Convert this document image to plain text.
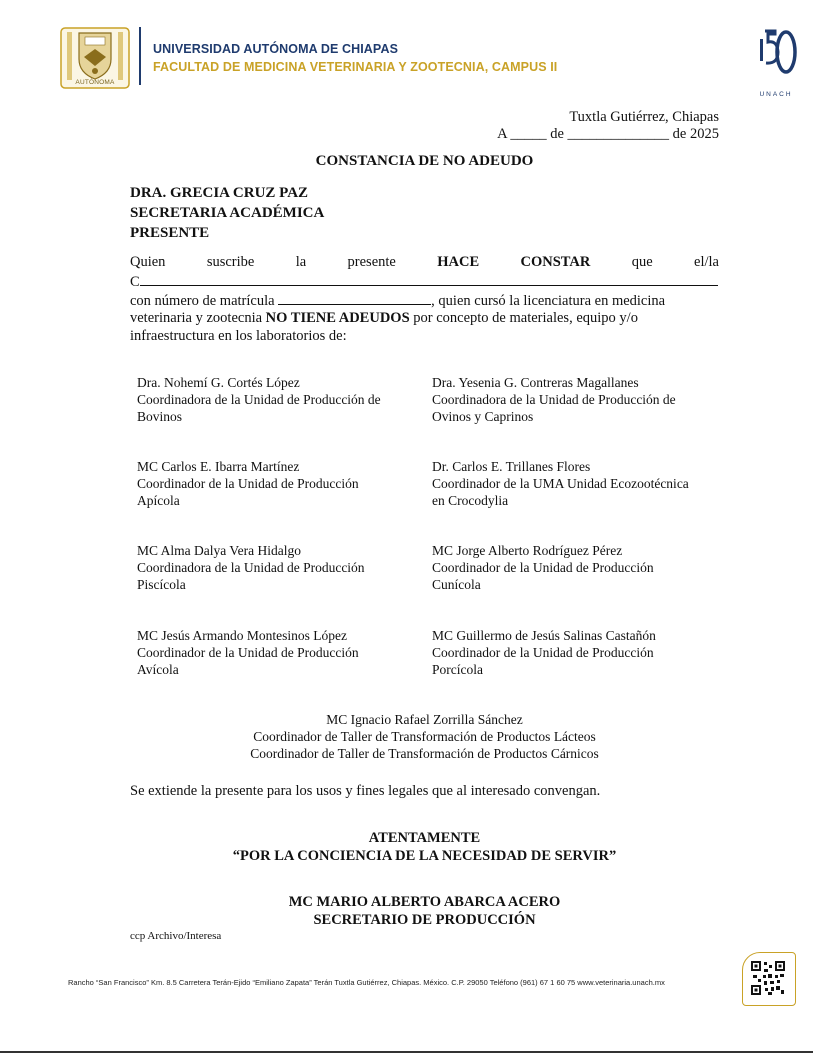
AUTÓNOMA
UNIVERSIDAD AUTÓNOMA DE CHIAPAS
FACULTAD DE MEDICINA VETERINARIA Y ZOOTECNIA, CAMPUS II
UNACH
Tuxtla Gutiérrez, Chiapas
A _____ de ______________ de 2025
CONSTANCIA DE NO ADEUDO
DRA. GRECIA CRUZ PAZ
SECRETARIA ACADÉMICA
PRESENTE
Quien	suscribe	la	presente	HACE	CONSTAR	que	el/la
C
con número de matrícula	, quien cursó la licenciatura en medicina
veterinaria y zootecnia NO TIENE ADEUDOS por concepto de materiales, equipo y/o
infraestructura en los laboratorios de:
Dra. Nohemí G. Cortés López
Coordinadora de la Unidad de Producción de
Bovinos
Dra. Yesenia G. Contreras Magallanes
Coordinadora de la Unidad de Producción de
Ovinos y Caprinos
MC Carlos E. Ibarra Martínez
Coordinador de la Unidad de Producción
Apícola
Dr. Carlos E. Trillanes Flores
Coordinador de la UMA Unidad Ecozootécnica
en Crocodylia
MC Alma Dalya Vera Hidalgo
Coordinadora de la Unidad de Producción
Piscícola
MC Jorge Alberto Rodríguez Pérez
Coordinador de la Unidad de Producción
Cunícola
MC Jesús Armando Montesinos López
Coordinador de la Unidad de Producción
Avícola
MC Guillermo de Jesús Salinas Castañón
Coordinador de la Unidad de Producción
Porcícola
MC Ignacio Rafael Zorrilla Sánchez
Coordinador de Taller de Transformación de Productos Lácteos
Coordinador de Taller de Transformación de Productos Cárnicos
Se extiende la presente para los usos y fines legales que al interesado convengan.
ATENTAMENTE
“POR LA CONCIENCIA DE LA NECESIDAD DE SERVIR”
MC MARIO ALBERTO ABARCA ACERO
SECRETARIO DE PRODUCCIÓN
ccp Archivo/Interesa
Rancho “San Francisco” Km. 8.5 Carretera Terán-Ejido “Emiliano Zapata” Terán Tuxtla Gutiérrez, Chiapas. México. C.P. 29050 Teléfono (961) 67 1 60 75 www.veterinaria.unach.mx
